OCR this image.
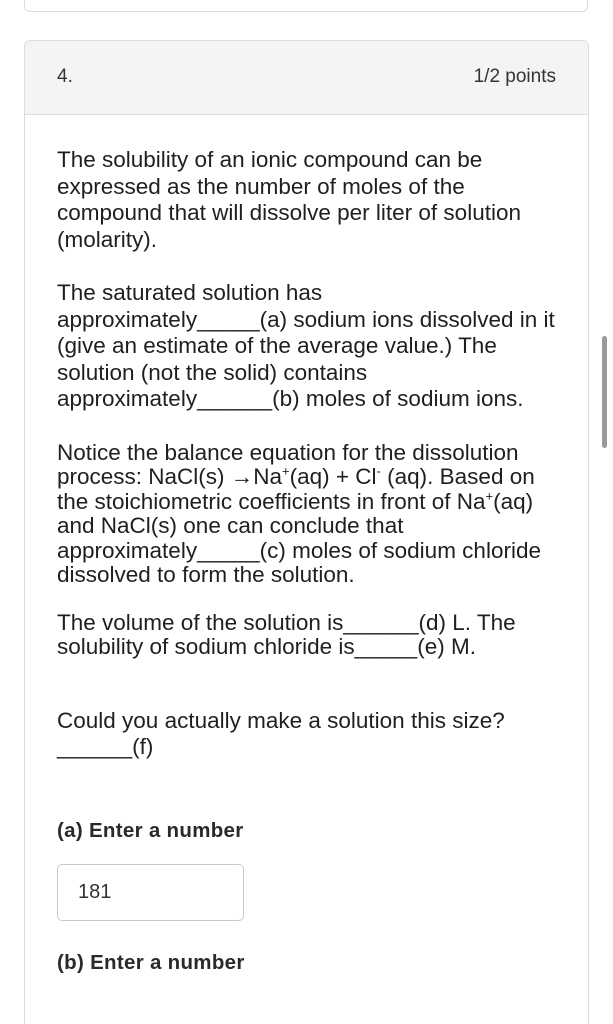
4.	1/2 points

The solubility of an ionic compound can be expressed as the number of moles of the compound that will dissolve per liter of solution (molarity).

The saturated solution has approximately_____(a) sodium ions dissolved in it (give an estimate of the average value.) The solution (not the solid) contains approximately______(b) moles of sodium ions.

Notice the balance equation for the dissolution process: NaCl(s) →Na+(aq) + Cl- (aq). Based on the stoichiometric coefficients in front of Na+(aq) and NaCl(s) one can conclude that approximately_____(c) moles of sodium chloride dissolved to form the solution.

The volume of the solution is______(d) L. The solubility of sodium chloride is_____(e) M.

Could you actually make a solution this size?______(f)

(a) Enter a number

181

(b) Enter a number
